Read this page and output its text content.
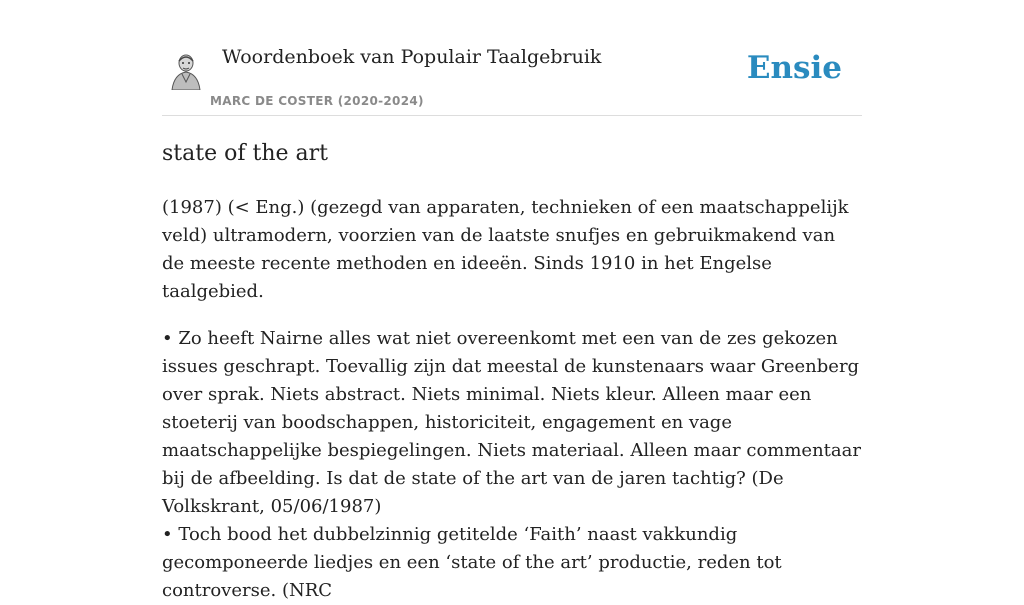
Woordenboek van Populair Taalgebruik
MARC DE COSTER (2020-2024)
Ensie
state of the art

(1987) (< Eng.) (gezegd van apparaten, technieken of een maatschappelijk veld) ultramodern, voorzien van de laatste snufjes en gebruikmakend van de meeste recente methoden en ideeën. Sinds 1910 in het Engelse taalgebied.

• Zo heeft Nairne alles wat niet overeenkomt met een van de zes gekozen issues geschrapt. Toevallig zijn dat meestal de kunstenaars waar Greenberg over sprak. Niets abstract. Niets minimal. Niets kleur. Alleen maar een stoeterij van boodschappen, historiciteit, engagement en vage maatschappelijke bespiegelingen. Niets materiaal. Alleen maar commentaar bij de afbeelding. Is dat de state of the art van de jaren tachtig? (De Volkskrant, 05/06/1987)

• Toch bood het dubbelzinnig getitelde ‘Faith’ naast vakkundig gecomponeerde liedjes en een ‘state of the art’ productie, reden tot controverse. (NRC
